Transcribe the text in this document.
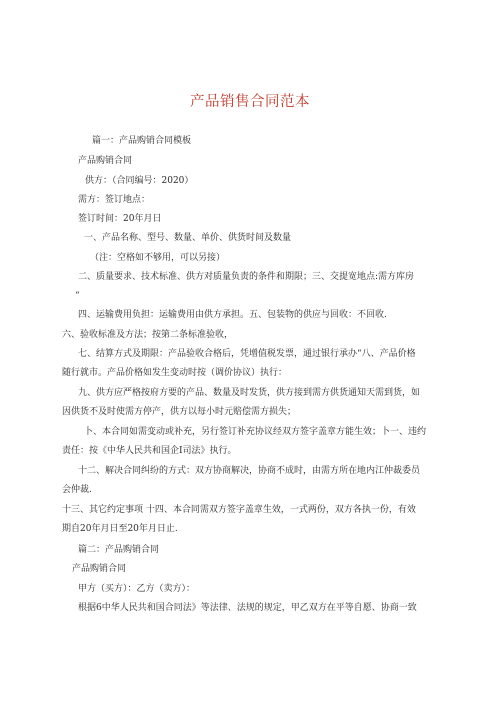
产品销售合同范本
篇一：产品购销合同模板
产品购销合同
供方：（合同编号：2020）
需方：签订地点：
签订时间：20年月日
一、产品名称、型号、数量、单价、供货时间及数量
（注：空格如不够用，可以另接）
二、质量要求、技术标准、供方对质量负责的条件和期限；三、交提宽地点:需方库房
“
四、运输费用负担：运输费用由供方承担。五、包装物的供应与回收：不回收.
六、验收标准及方法；按第二条标准验收，
七、结算方式及期限：产品验收合格后，凭增值税发票，通过银行承办“八、产品价格
随行就市。产品价格如发生变动时按（调价协议）执行：
九、供方应严格按府方要的产品、数量及时发货，供方接到需方供货通知天需到货，如
因供货不及时使需方停产，供方以每小时元赔偿需方损失；
卜、本合同如需变动或补充，另行签订补充协议经双方签字盖章方能生效；卜一、违约
责任：按《中华人民共和国企I司法》执行。
十二、解决合同纠纷的方式：双方协商解决，协商不成时，由需方所在地内江仲裁委员
会仲裁.
十三、其它约定事项 十四、本合同需双方签字盖章生效，一式两份，双方各执一份，有效
期自20年月日至20年月日止.
篇二：产品购销合同
产品购销合同
甲方（买方）：乙方（卖方）：
根据6中华人民共和国合同法》等法律、法规的规定，甲乙双方在平等自愿、协商一致
